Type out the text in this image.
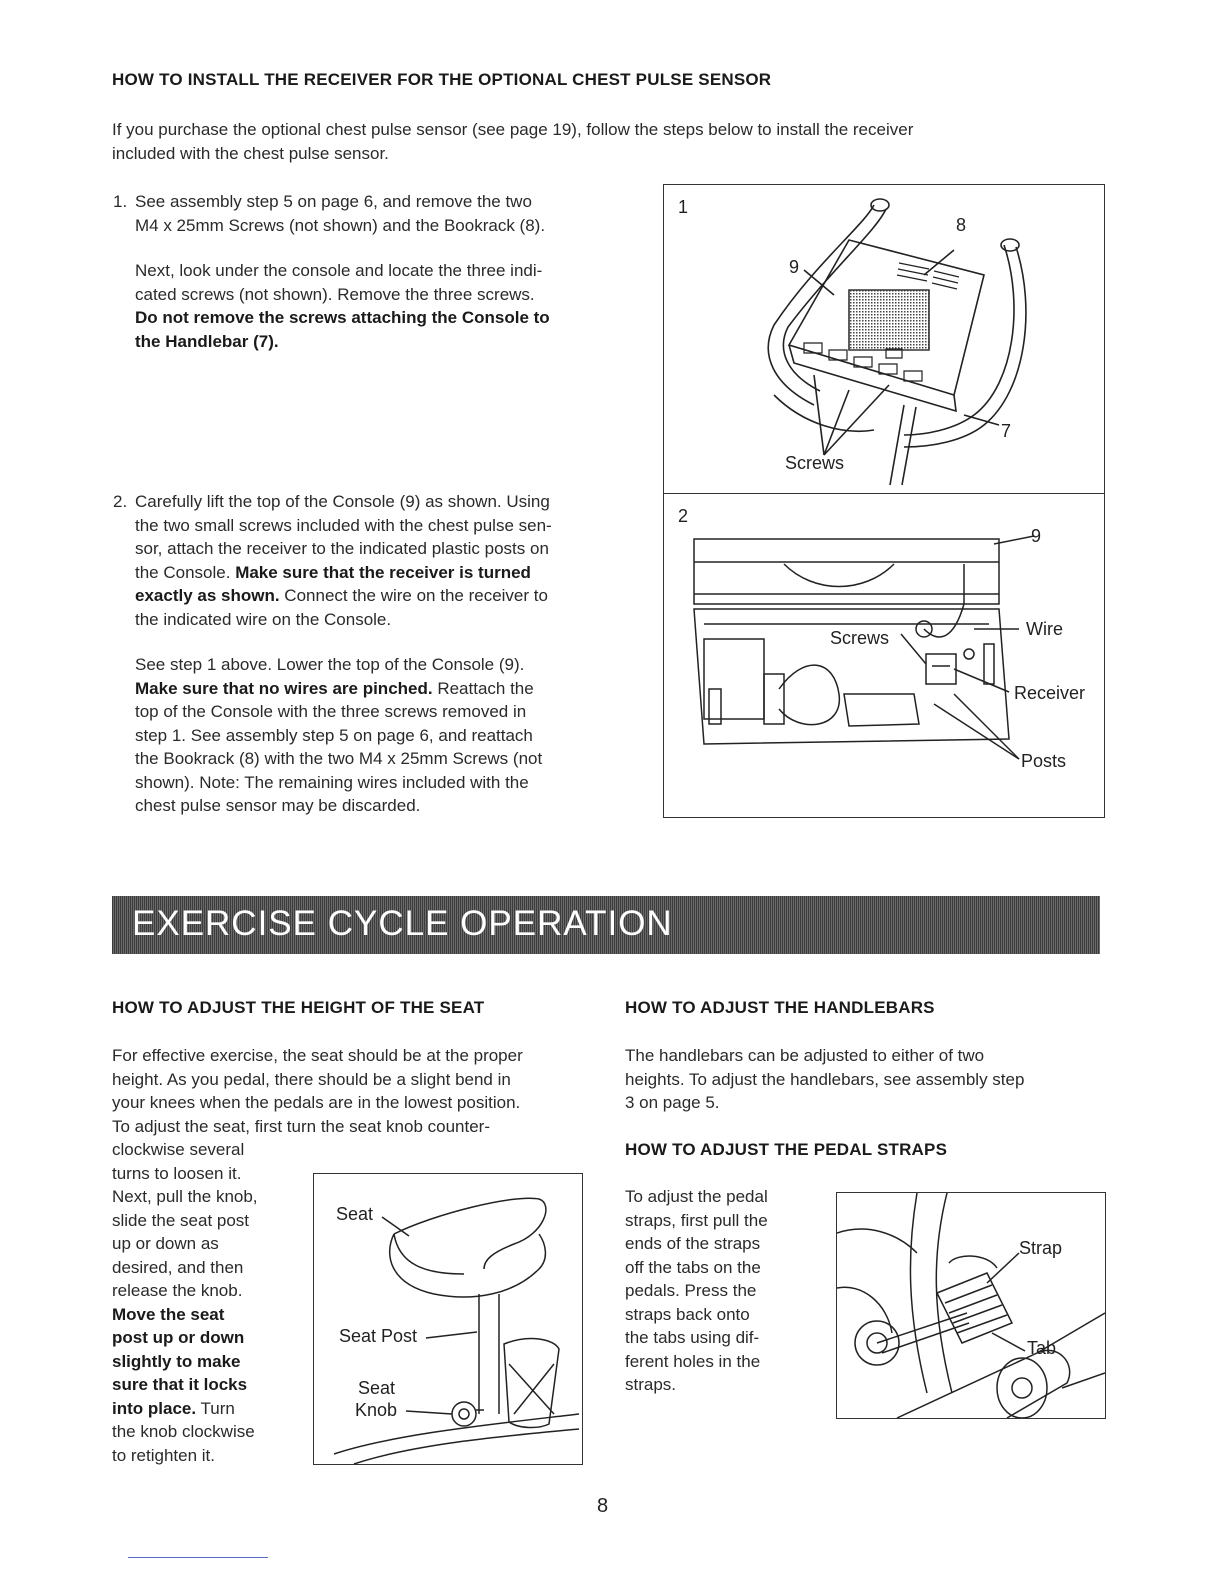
HOW TO INSTALL THE RECEIVER FOR THE OPTIONAL CHEST PULSE SENSOR
If you purchase the optional chest pulse sensor (see page 19), follow the steps below to install the receiver
included with the chest pulse sensor.
1. See assembly step 5 on page 6, and remove the two
M4 x 25mm Screws (not shown) and the Bookrack (8).
Next, look under the console and locate the three indi-
cated screws (not shown). Remove the three screws.
Do not remove the screws attaching the Console to
the Handlebar (7).
2. Carefully lift the top of the Console (9) as shown. Using
the two small screws included with the chest pulse sen-
sor, attach the receiver to the indicated plastic posts on
the Console. Make sure that the receiver is turned
exactly as shown. Connect the wire on the receiver to
the indicated wire on the Console.
See step 1 above. Lower the top of the Console (9).
Make sure that no wires are pinched. Reattach the
top of the Console with the three screws removed in
step 1. See assembly step 5 on page 6, and reattach
the Bookrack (8) with the two M4 x 25mm Screws (not
shown). Note: The remaining wires included with the
chest pulse sensor may be discarded.
1
8
9
7
Screws
2
9
Screws	Wire
Receiver
Posts
EXERCISE CYCLE OPERATION
HOW TO ADJUST THE HEIGHT OF THE SEAT
For effective exercise, the seat should be at the proper
height. As you pedal, there should be a slight bend in
your knees when the pedals are in the lowest position.
To adjust the seat, first turn the seat knob counter-
clockwise several
turns to loosen it.
Next, pull the knob,
slide the seat post
up or down as
desired, and then
release the knob.
Move the seat
post up or down
slightly to make
sure that it locks
into place. Turn
the knob clockwise
to retighten it.
Seat
Seat Post
Seat
Knob
HOW TO ADJUST THE HANDLEBARS
The handlebars can be adjusted to either of two
heights. To adjust the handlebars, see assembly step
3 on page 5.
HOW TO ADJUST THE PEDAL STRAPS
To adjust the pedal
straps, first pull the
ends of the straps
off the tabs on the
pedals. Press the
straps back onto
the tabs using dif-
ferent holes in the
straps.
Strap
Tab
8
